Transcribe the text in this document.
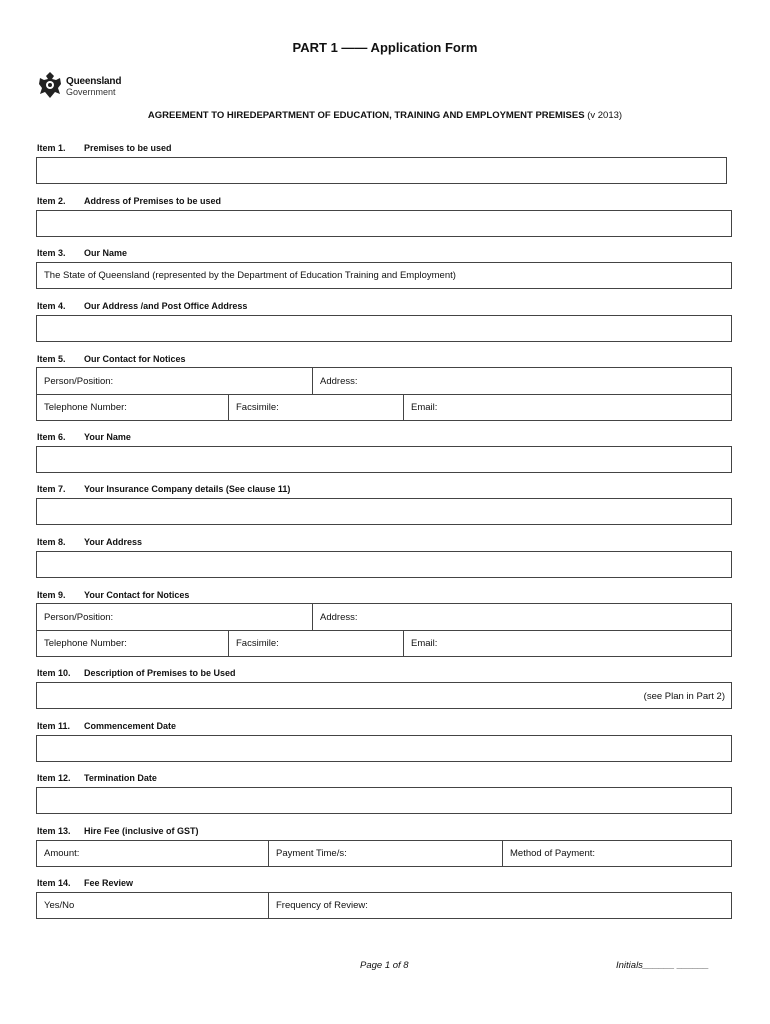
PART 1 —— Application Form
Queensland
Government
AGREEMENT TO HIREDEPARTMENT OF EDUCATION, TRAINING AND EMPLOYMENT PREMISES (v 2013)
Item 1. Premises to be used
Item 2. Address of Premises to be used
Item 3. Our Name
The State of Queensland (represented by the Department of Education Training and Employment)
Item 4. Our Address /and Post Office Address
Item 5. Our Contact for Notices
Person/Position:	Address:
Telephone Number:	Facsimile:	Email:
Item 6. Your Name
Item 7. Your Insurance Company details (See clause 11)
Item 8. Your Address
Item 9. Your Contact for Notices
Person/Position:	Address:
Telephone Number:	Facsimile:	Email:
Item 10. Description of Premises to be Used
(see Plan in Part 2)
Item 11. Commencement Date
Item 12. Termination Date
Item 13. Hire Fee (inclusive of GST)
Amount:	Payment Time/s:	Method of Payment:
Item 14. Fee Review
Yes/No	Frequency of Review:
Page 1 of 8	Initials______ ______
